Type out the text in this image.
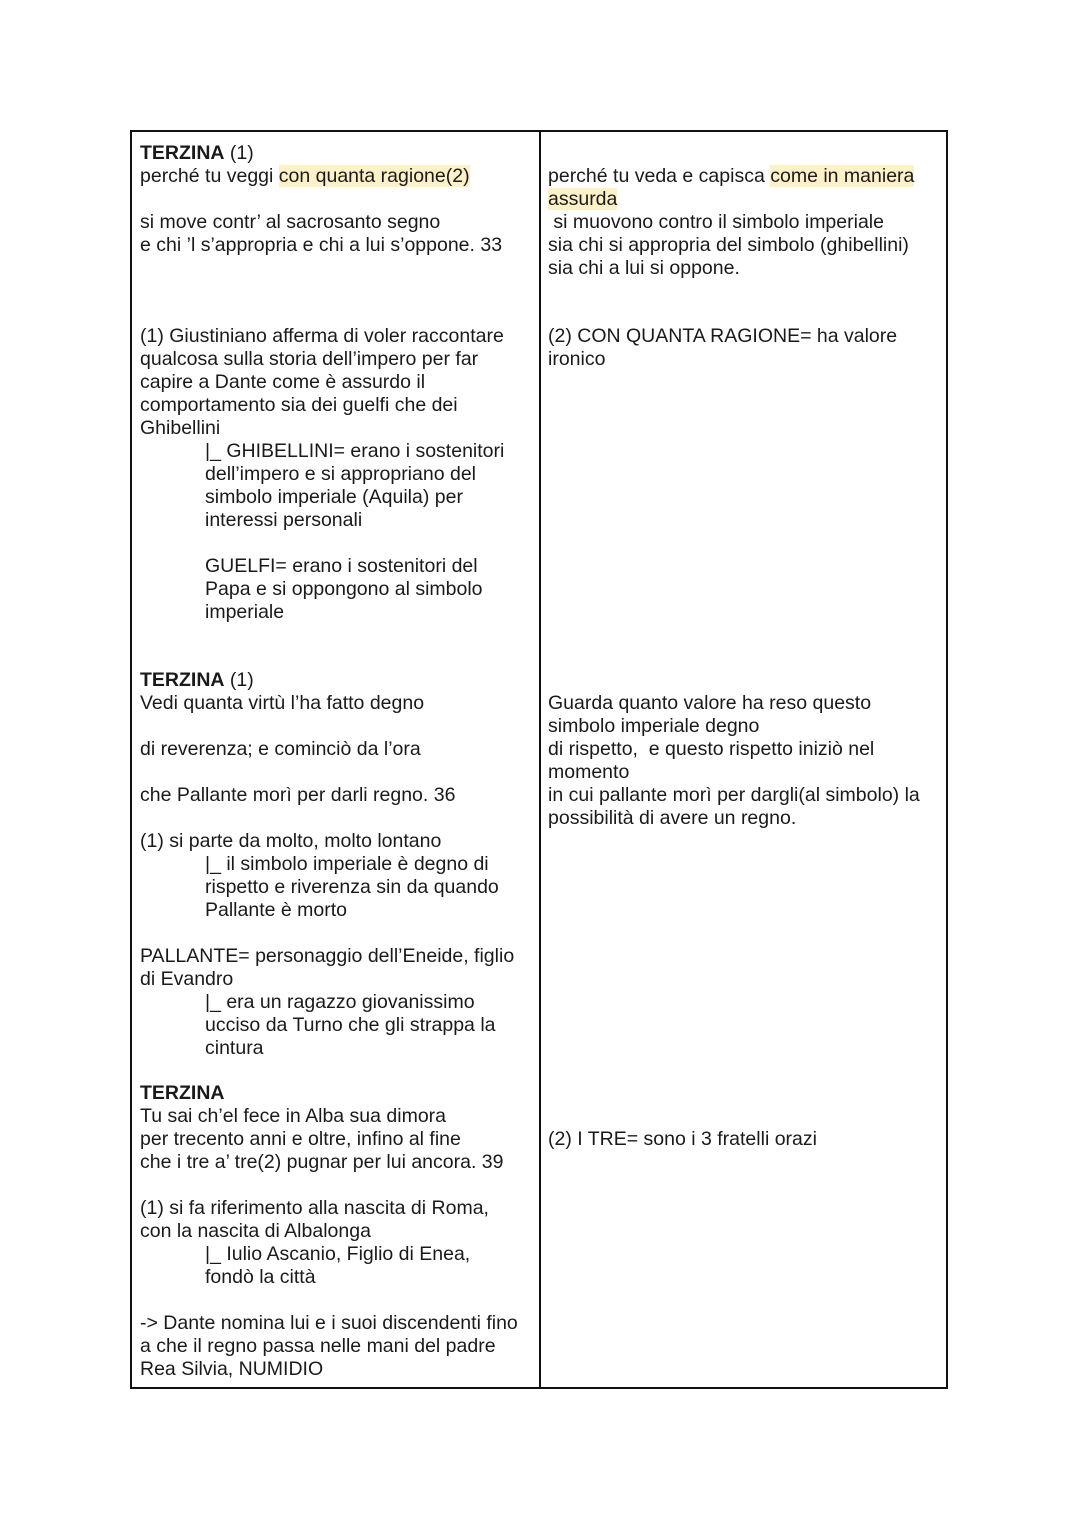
TERZINA (1)
perché tu veggi con quanta ragione(2)
si move contr’ al sacrosanto segno
e chi ’l s’appropria e chi a lui s’oppone. 33
(1) Giustiniano afferma di voler raccontare
qualcosa sulla storia dell’impero per far
capire a Dante come è assurdo il
comportamento sia dei guelfi che dei
Ghibellini
|_ GHIBELLINI= erano i sostenitori
dell’impero e si appropriano del
simbolo imperiale (Aquila) per
interessi personali
GUELFI= erano i sostenitori del
Papa e si oppongono al simbolo
imperiale
TERZINA (1)
Vedi quanta virtù l’ha fatto degno
di reverenza; e cominciò da l’ora
che Pallante morì per darli regno. 36
(1) si parte da molto, molto lontano
|_ il simbolo imperiale è degno di
rispetto e riverenza sin da quando
Pallante è morto
PALLANTE= personaggio dell’Eneide, figlio
di Evandro
|_ era un ragazzo giovanissimo
ucciso da Turno che gli strappa la
cintura
TERZINA
Tu sai ch’el fece in Alba sua dimora
per trecento anni e oltre, infino al fine
che i tre a’ tre(2) pugnar per lui ancora. 39
(1) si fa riferimento alla nascita di Roma,
con la nascita di Albalonga
|_ Iulio Ascanio, Figlio di Enea,
fondò la città
-> Dante nomina lui e i suoi discendenti fino
a che il regno passa nelle mani del padre
Rea Silvia, NUMIDIO
perché tu veda e capisca come in maniera
assurda
si muovono contro il simbolo imperiale
sia chi si appropria del simbolo (ghibellini)
sia chi a lui si oppone.
(2) CON QUANTA RAGIONE= ha valore
ironico
Guarda quanto valore ha reso questo
simbolo imperiale degno
di rispetto,  e questo rispetto iniziò nel
momento
in cui pallante morì per dargli(al simbolo) la
possibilità di avere un regno.
(2) I TRE= sono i 3 fratelli orazi
